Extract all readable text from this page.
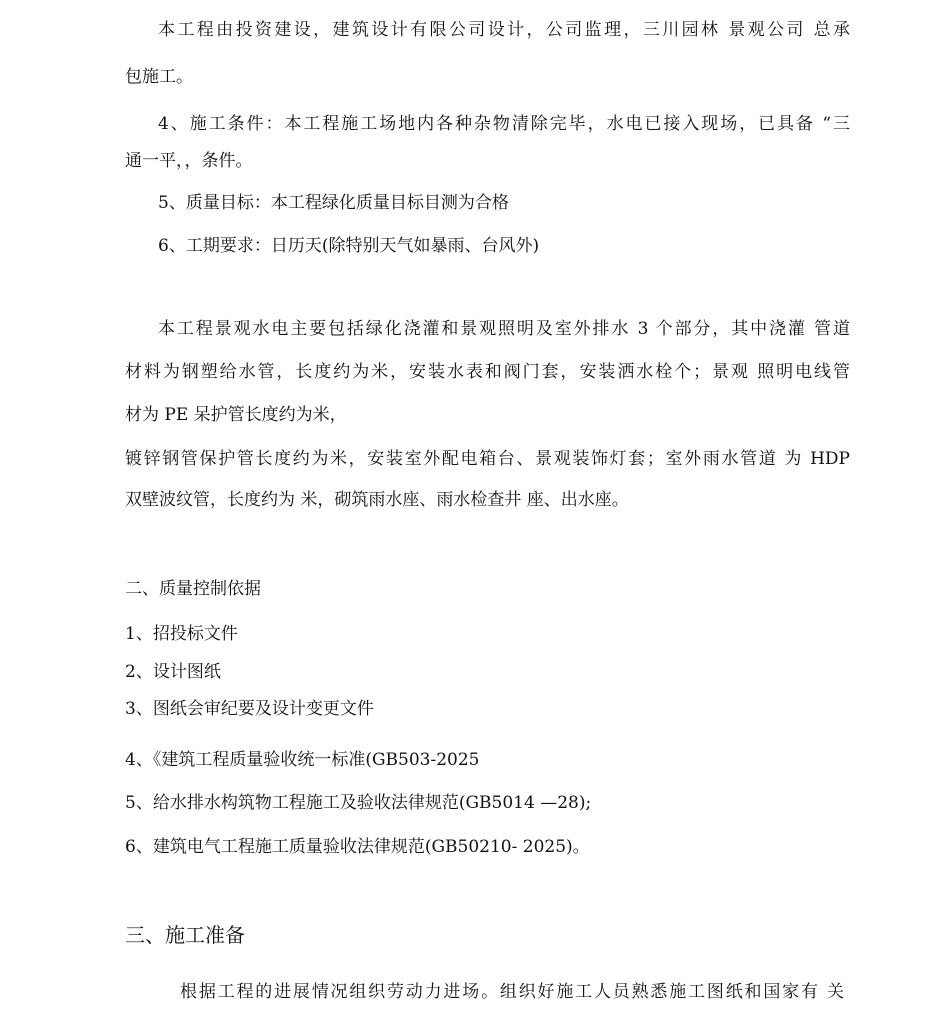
本工程由投资建设，建筑设计有限公司设计，公司监理，三川园林 景观公司 总承
包施工。
4、施工条件：本工程施工场地内各种杂物清除完毕，水电已接入现场，已具备 “三
通一平，，条件。
5、质量目标：本工程绿化质量目标目测为合格
6、工期要求：日历天(除特别天气如暴雨、台风外)
本工程景观水电主要包括绿化浇灌和景观照明及室外排水 3 个部分，其中浇灌 管道
材料为钢塑给水管，长度约为米，安装水表和阀门套，安装洒水栓个；景观 照明电线管
材为 PE 呆护管长度约为米，
镀锌钢管保护管长度约为米，安装室外配电箱台、景观装饰灯套；室外雨水管道 为 HDP
双壁波纹管，长度约为 米，砌筑雨水座、雨水检查井 座、出水座。
二、质量控制依据
1、招投标文件
2、设计图纸
3、图纸会审纪要及设计变更文件
4、《建筑工程质量验收统一标准(GB503-2025
5、给水排水构筑物工程施工及验收法律规范(GB5014 —28);
6、建筑电气工程施工质量验收法律规范(GB50210- 2025)。
三、施工准备
根据工程的进展情况组织劳动力进场。组织好施工人员熟悉施工图纸和国家有 关
